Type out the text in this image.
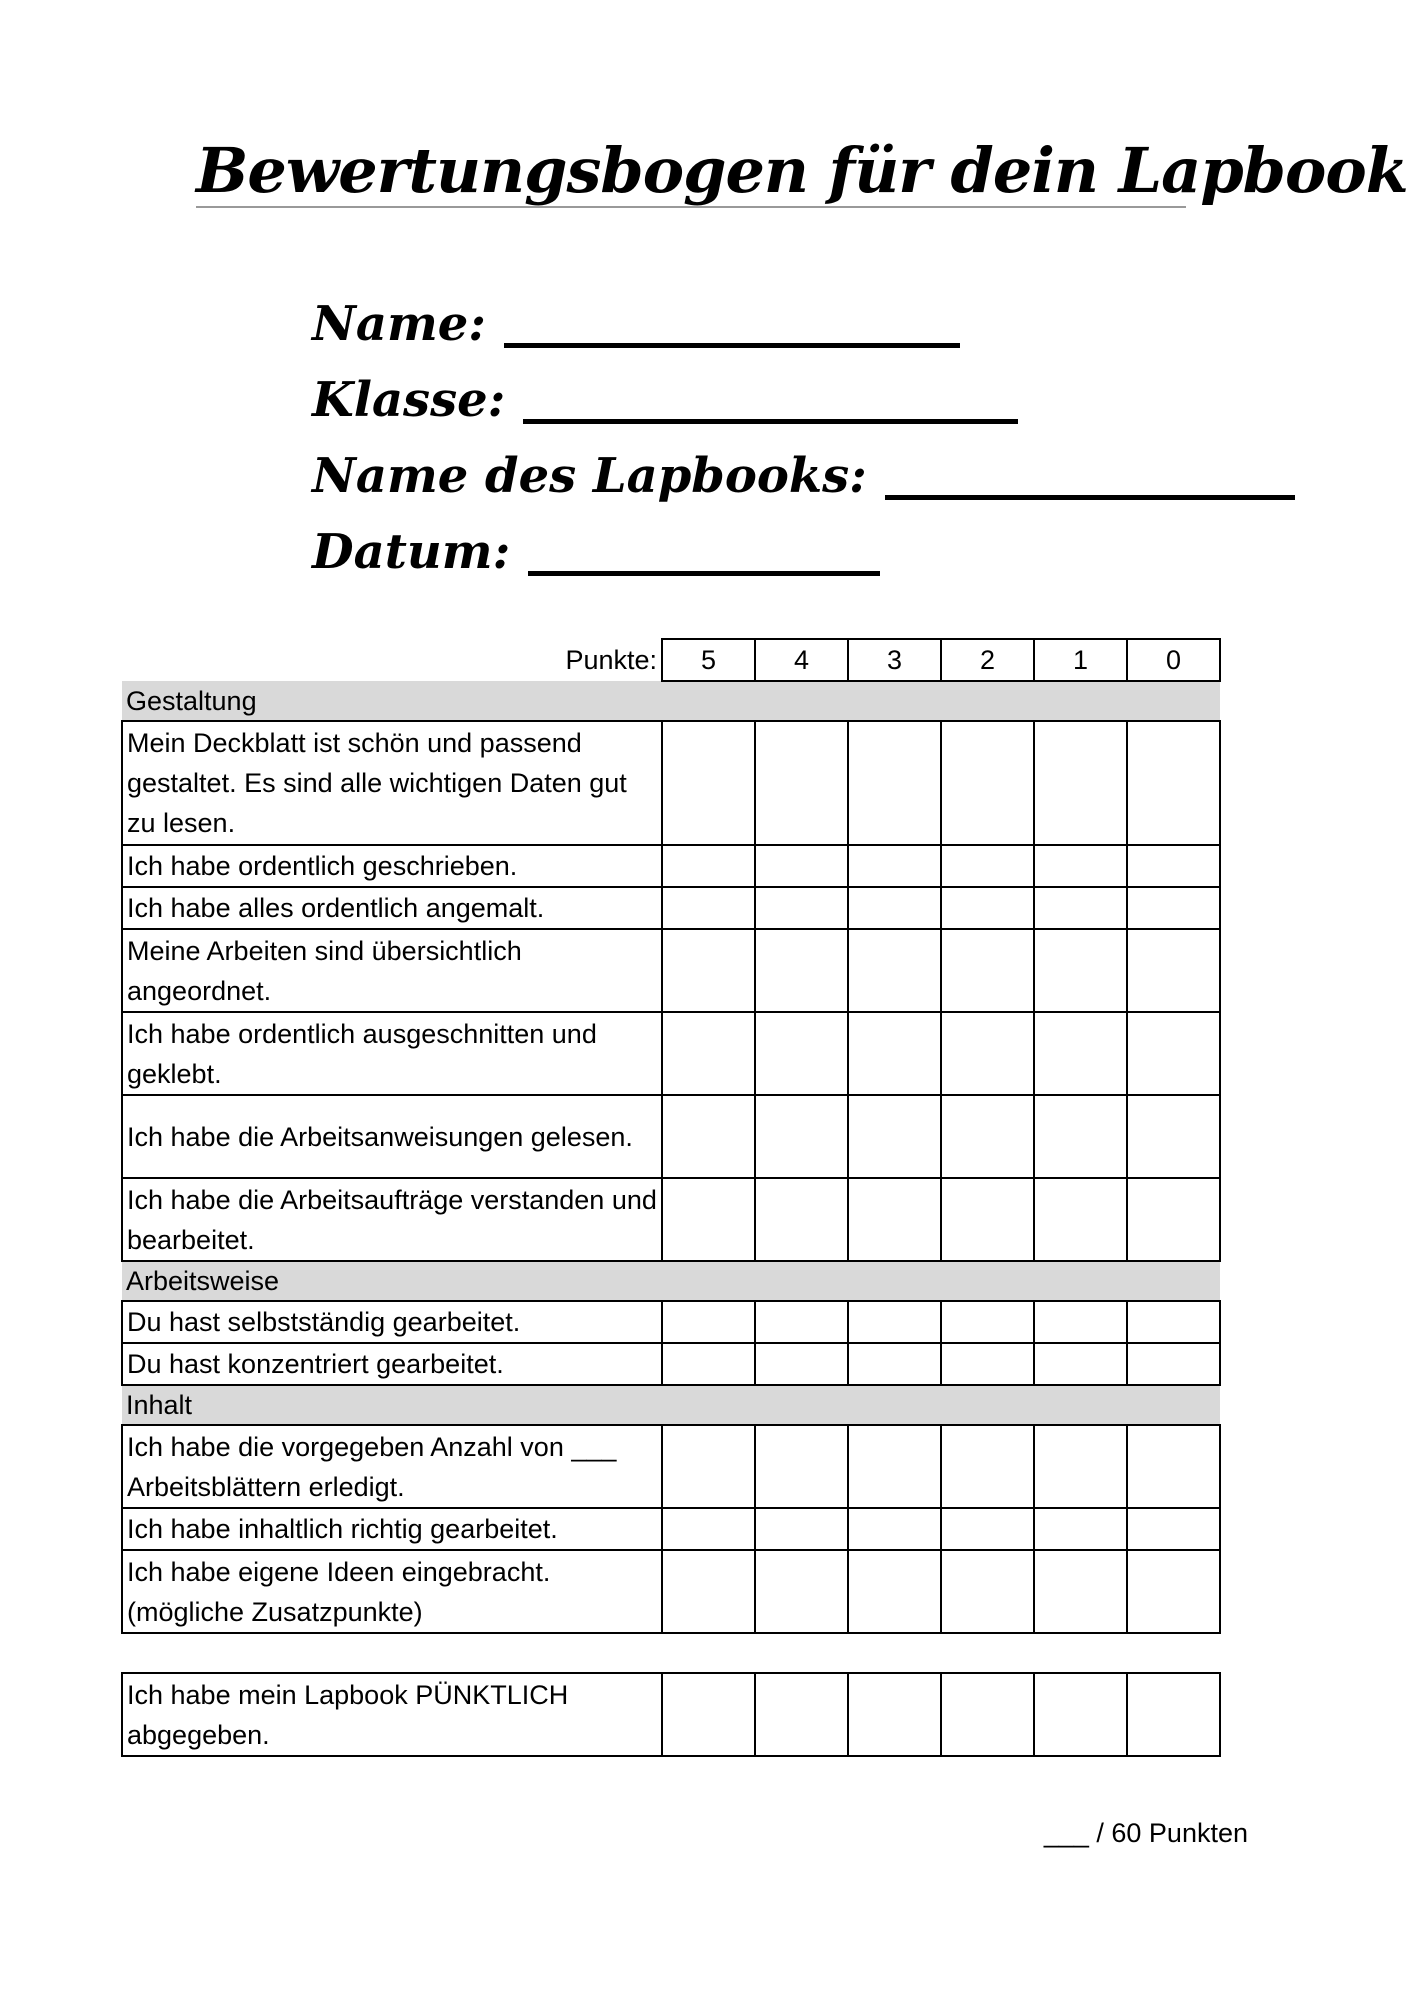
Bewertungsbogen für dein Lapbook
Name:
Klasse:
Name des Lapbooks:
Datum:
Punkte:	5	4	3	2	1	0
Gestaltung						
Mein Deckblatt ist schön und passend gestaltet. Es sind alle wichtigen Daten gut zu lesen.						
Ich habe ordentlich geschrieben.						
Ich habe alles ordentlich angemalt.						
Meine Arbeiten sind übersichtlich angeordnet.						
Ich habe ordentlich ausgeschnitten und geklebt.						
Ich habe die Arbeitsanweisungen gelesen.						
Ich habe die Arbeitsaufträge verstanden und bearbeitet.						
Arbeitsweise						
Du hast selbstständig gearbeitet.						
Du hast konzentriert gearbeitet.						
Inhalt						
Ich habe die vorgegeben Anzahl von ___ Arbeitsblättern erledigt.						
Ich habe inhaltlich richtig gearbeitet.						
Ich habe eigene Ideen eingebracht. (mögliche Zusatzpunkte)						

Ich habe mein Lapbook PÜNKTLICH abgegeben.						
___ / 60 Punkten
